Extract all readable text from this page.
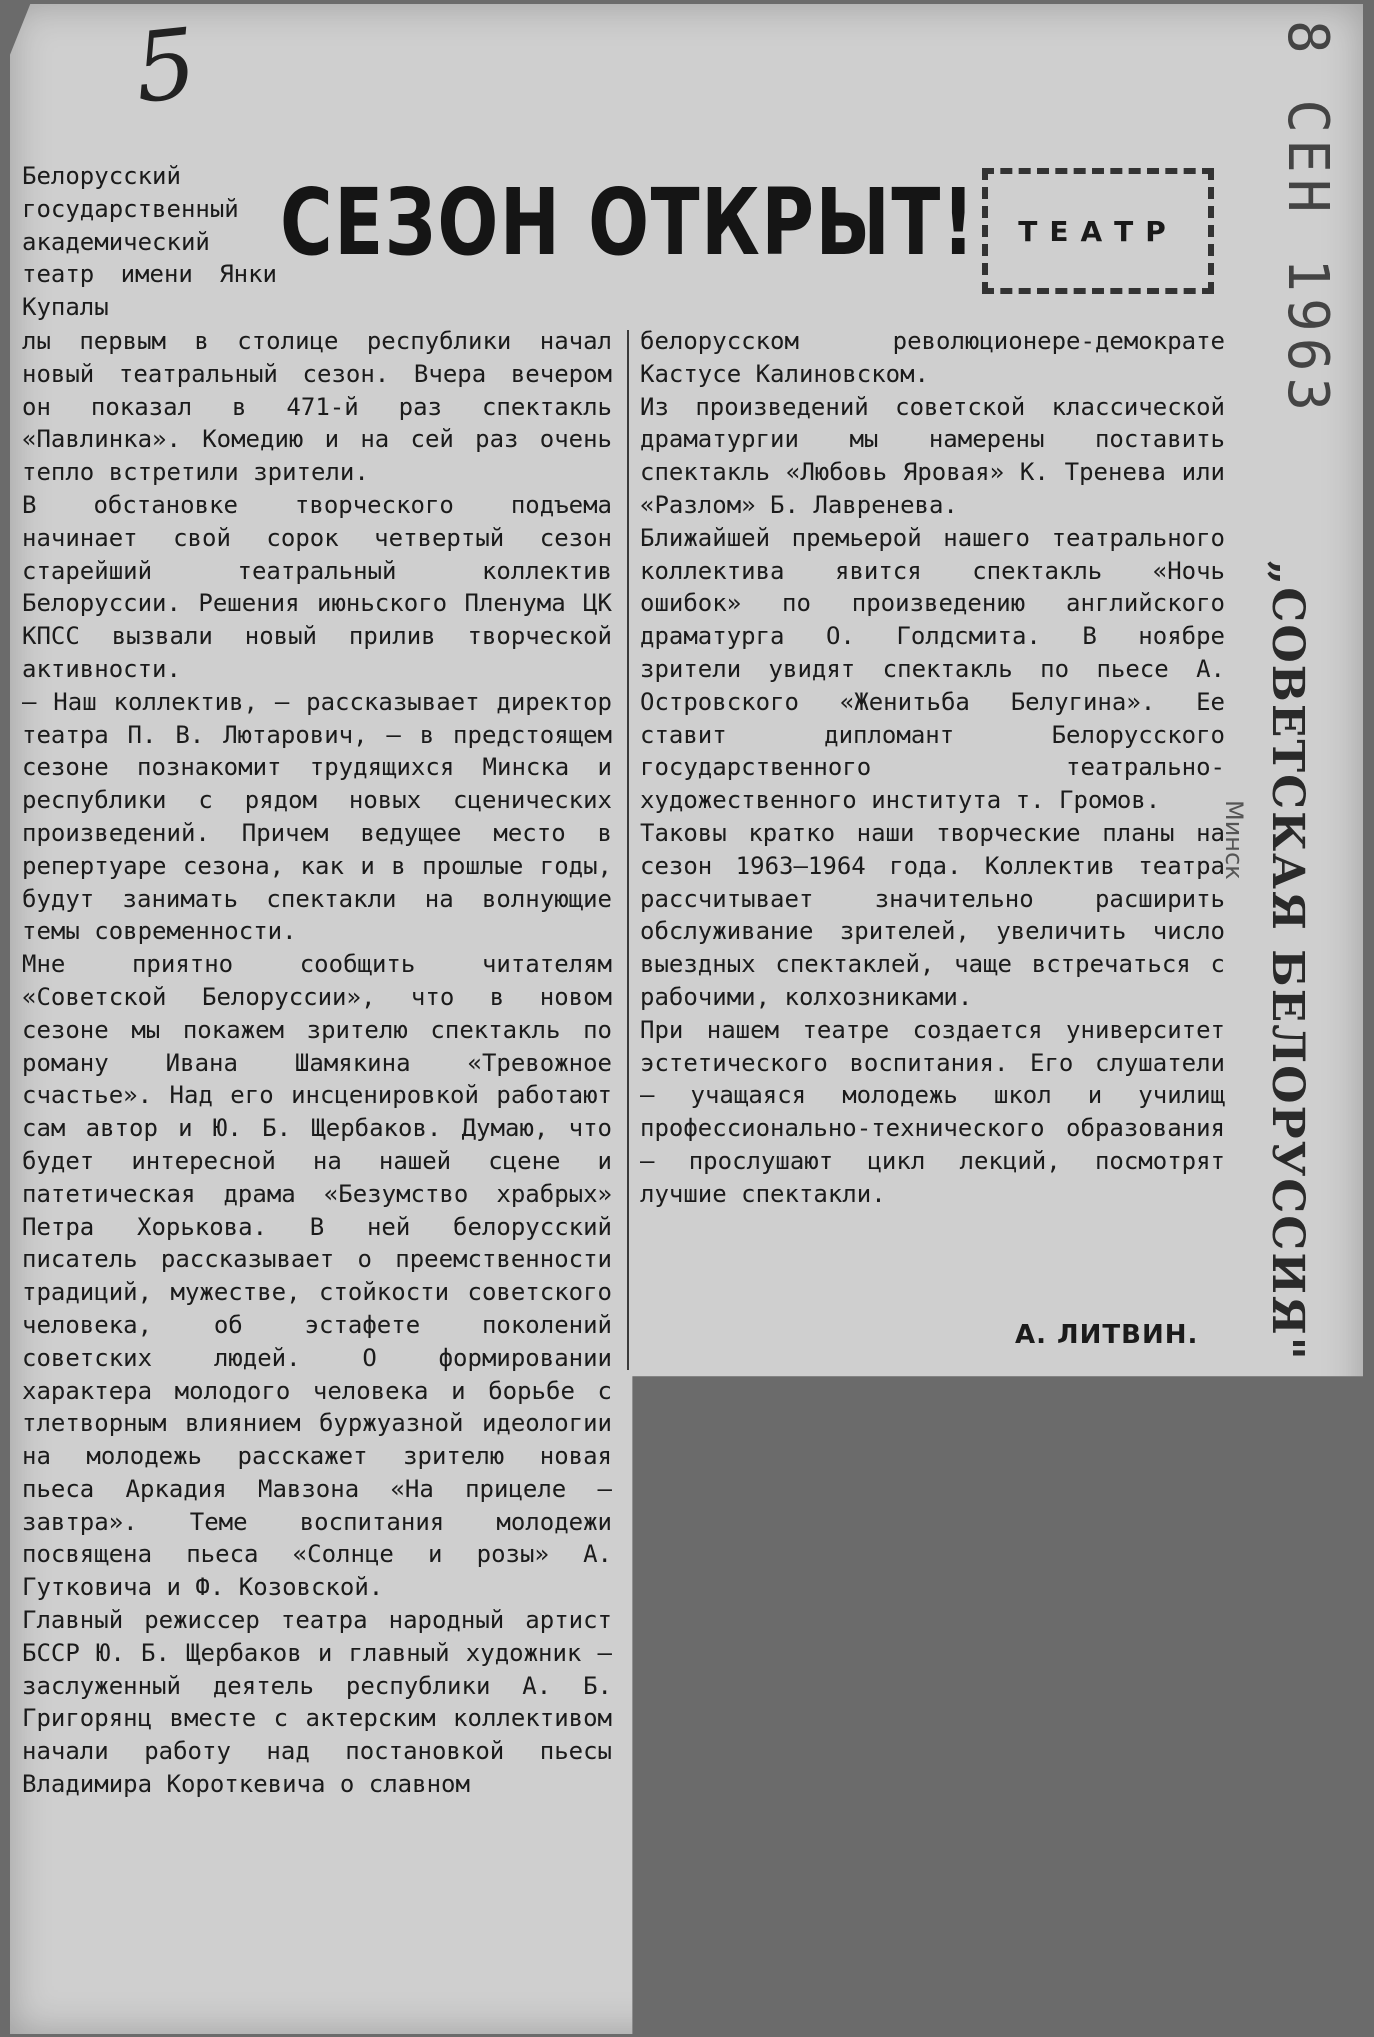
5	8 СЕН 1963
СЕЗОН ОТКРЫТ! ТЕАТР
„СОВЕТСКАЯ БЕЛОРУССИЯ"
Минск
Белорусский государственный академический театр имени Янки Купалы
лы первым в столице республики начал новый театральный сезон. Вчера вечером он показал в 471-й раз спектакль «Павлинка». Комедию и на сей раз очень тепло встретили зрители.
В обстановке творческого подъема начинает свой сорок четвертый сезон старейший театральный коллектив Белоруссии. Решения июньского Пленума ЦК КПСС вызвали новый прилив творческой активности.
— Наш коллектив, — рассказывает директор театра П. В. Лютарович, — в предстоящем сезоне познакомит трудящихся Минска и республики с рядом новых сценических произведений. Причем ведущее место в репертуаре сезона, как и в прошлые годы, будут занимать спектакли на волнующие темы современности.
Мне приятно сообщить читателям «Советской Белоруссии», что в новом сезоне мы покажем зрителю спектакль по роману Ивана Шамякина «Тревожное счастье». Над его инсценировкой работают сам автор и Ю. Б. Щербаков. Думаю, что будет интересной на нашей сцене и патетическая драма «Безумство храбрых» Петра Хорькова. В ней белорусский писатель рассказывает о преемственности традиций, мужестве, стойкости советского человека, об эстафете поколений советских людей. О формировании характера молодого человека и борьбе с тлетворным влиянием буржуазной идеологии на молодежь расскажет зрителю новая пьеса Аркадия Мавзона «На прицеле — завтра». Теме воспитания молодежи посвящена пьеса «Солнце и розы» А. Гутковича и Ф. Козовской.
Главный режиссер театра народный артист БССР Ю. Б. Щербаков и главный художник — заслуженный деятель республики А. Б. Григорянц вместе с актерским коллективом начали работу над постановкой пьесы Владимира Короткевича о славном
белорусском революционере-демократе Кастусе Калиновском.
Из произведений советской классической драматургии мы намерены поставить спектакль «Любовь Яровая» К. Тренева или «Разлом» Б. Лавренева.
Ближайшей премьерой нашего театрального коллектива явится спектакль «Ночь ошибок» по произведению английского драматурга О. Голдсмита. В ноябре зрители увидят спектакль по пьесе А. Островского «Женитьба Белугина». Ее ставит дипломант Белорусского государственного театрально-художественного института т. Громов.
Таковы кратко наши творческие планы на сезон 1963—1964 года. Коллектив театра рассчитывает значительно расширить обслуживание зрителей, увеличить число выездных спектаклей, чаще встречаться с рабочими, колхозниками.
При нашем театре создается университет эстетического воспитания. Его слушатели — учащаяся молодежь школ и училищ профессионально-технического образования — прослушают цикл лекций, посмотрят лучшие спектакли.
А. ЛИТВИН.
